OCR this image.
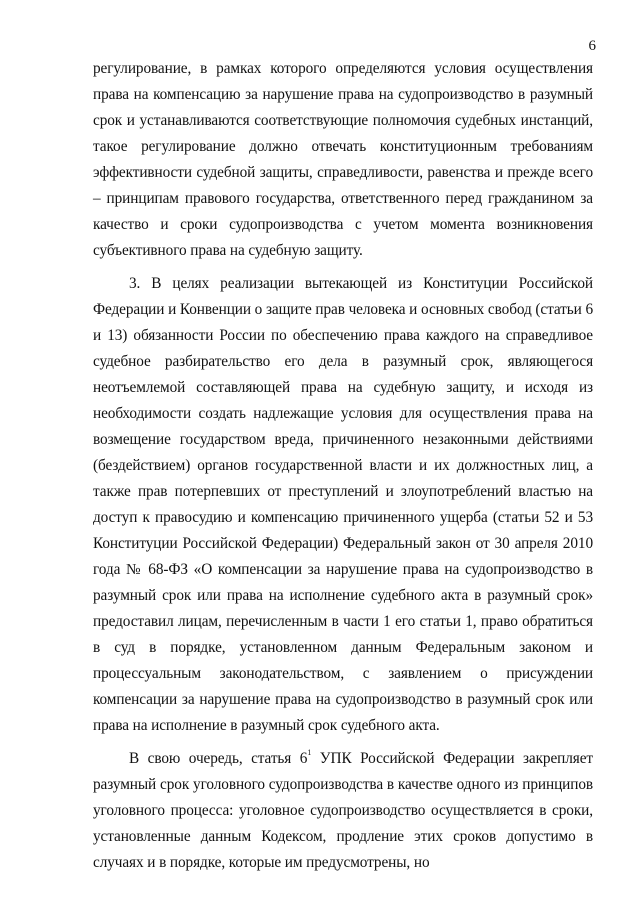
6

регулирование, в рамках которого определяются условия осуществления права на компенсацию за нарушение права на судопроизводство в разумный срок и устанавливаются соответствующие полномочия судебных инстанций, такое регулирование должно отвечать конституционным требованиям эффективности судебной защиты, справедливости, равенства и прежде всего – принципам правового государства, ответственного перед гражданином за качество и сроки судопроизводства с учетом момента возникновения субъективного права на судебную защиту.

3. В целях реализации вытекающей из Конституции Российской Федерации и Конвенции о защите прав человека и основных свобод (статьи 6 и 13) обязанности России по обеспечению права каждого на справедливое судебное разбирательство его дела в разумный срок, являющегося неотъемлемой составляющей права на судебную защиту, и исходя из необходимости создать надлежащие условия для осуществления права на возмещение государством вреда, причиненного незаконными действиями (бездействием) органов государственной власти и их должностных лиц, а также прав потерпевших от преступлений и злоупотреблений властью на доступ к правосудию и компенсацию причиненного ущерба (статьи 52 и 53 Конституции Российской Федерации) Федеральный закон от 30 апреля 2010 года № 68-ФЗ «О компенсации за нарушение права на судопроизводство в разумный срок или права на исполнение судебного акта в разумный срок» предоставил лицам, перечисленным в части 1 его статьи 1, право обратиться в суд в порядке, установленном данным Федеральным законом и процессуальным законодательством, с заявлением о присуждении компенсации за нарушение права на судопроизводство в разумный срок или права на исполнение в разумный срок судебного акта.

В свою очередь, статья $6^1$ УПК Российской Федерации закрепляет разумный срок уголовного судопроизводства в качестве одного из принципов уголовного процесса: уголовное судопроизводство осуществляется в сроки, установленные данным Кодексом, продление этих сроков допустимо в случаях и в порядке, которые им предусмотрены, но
